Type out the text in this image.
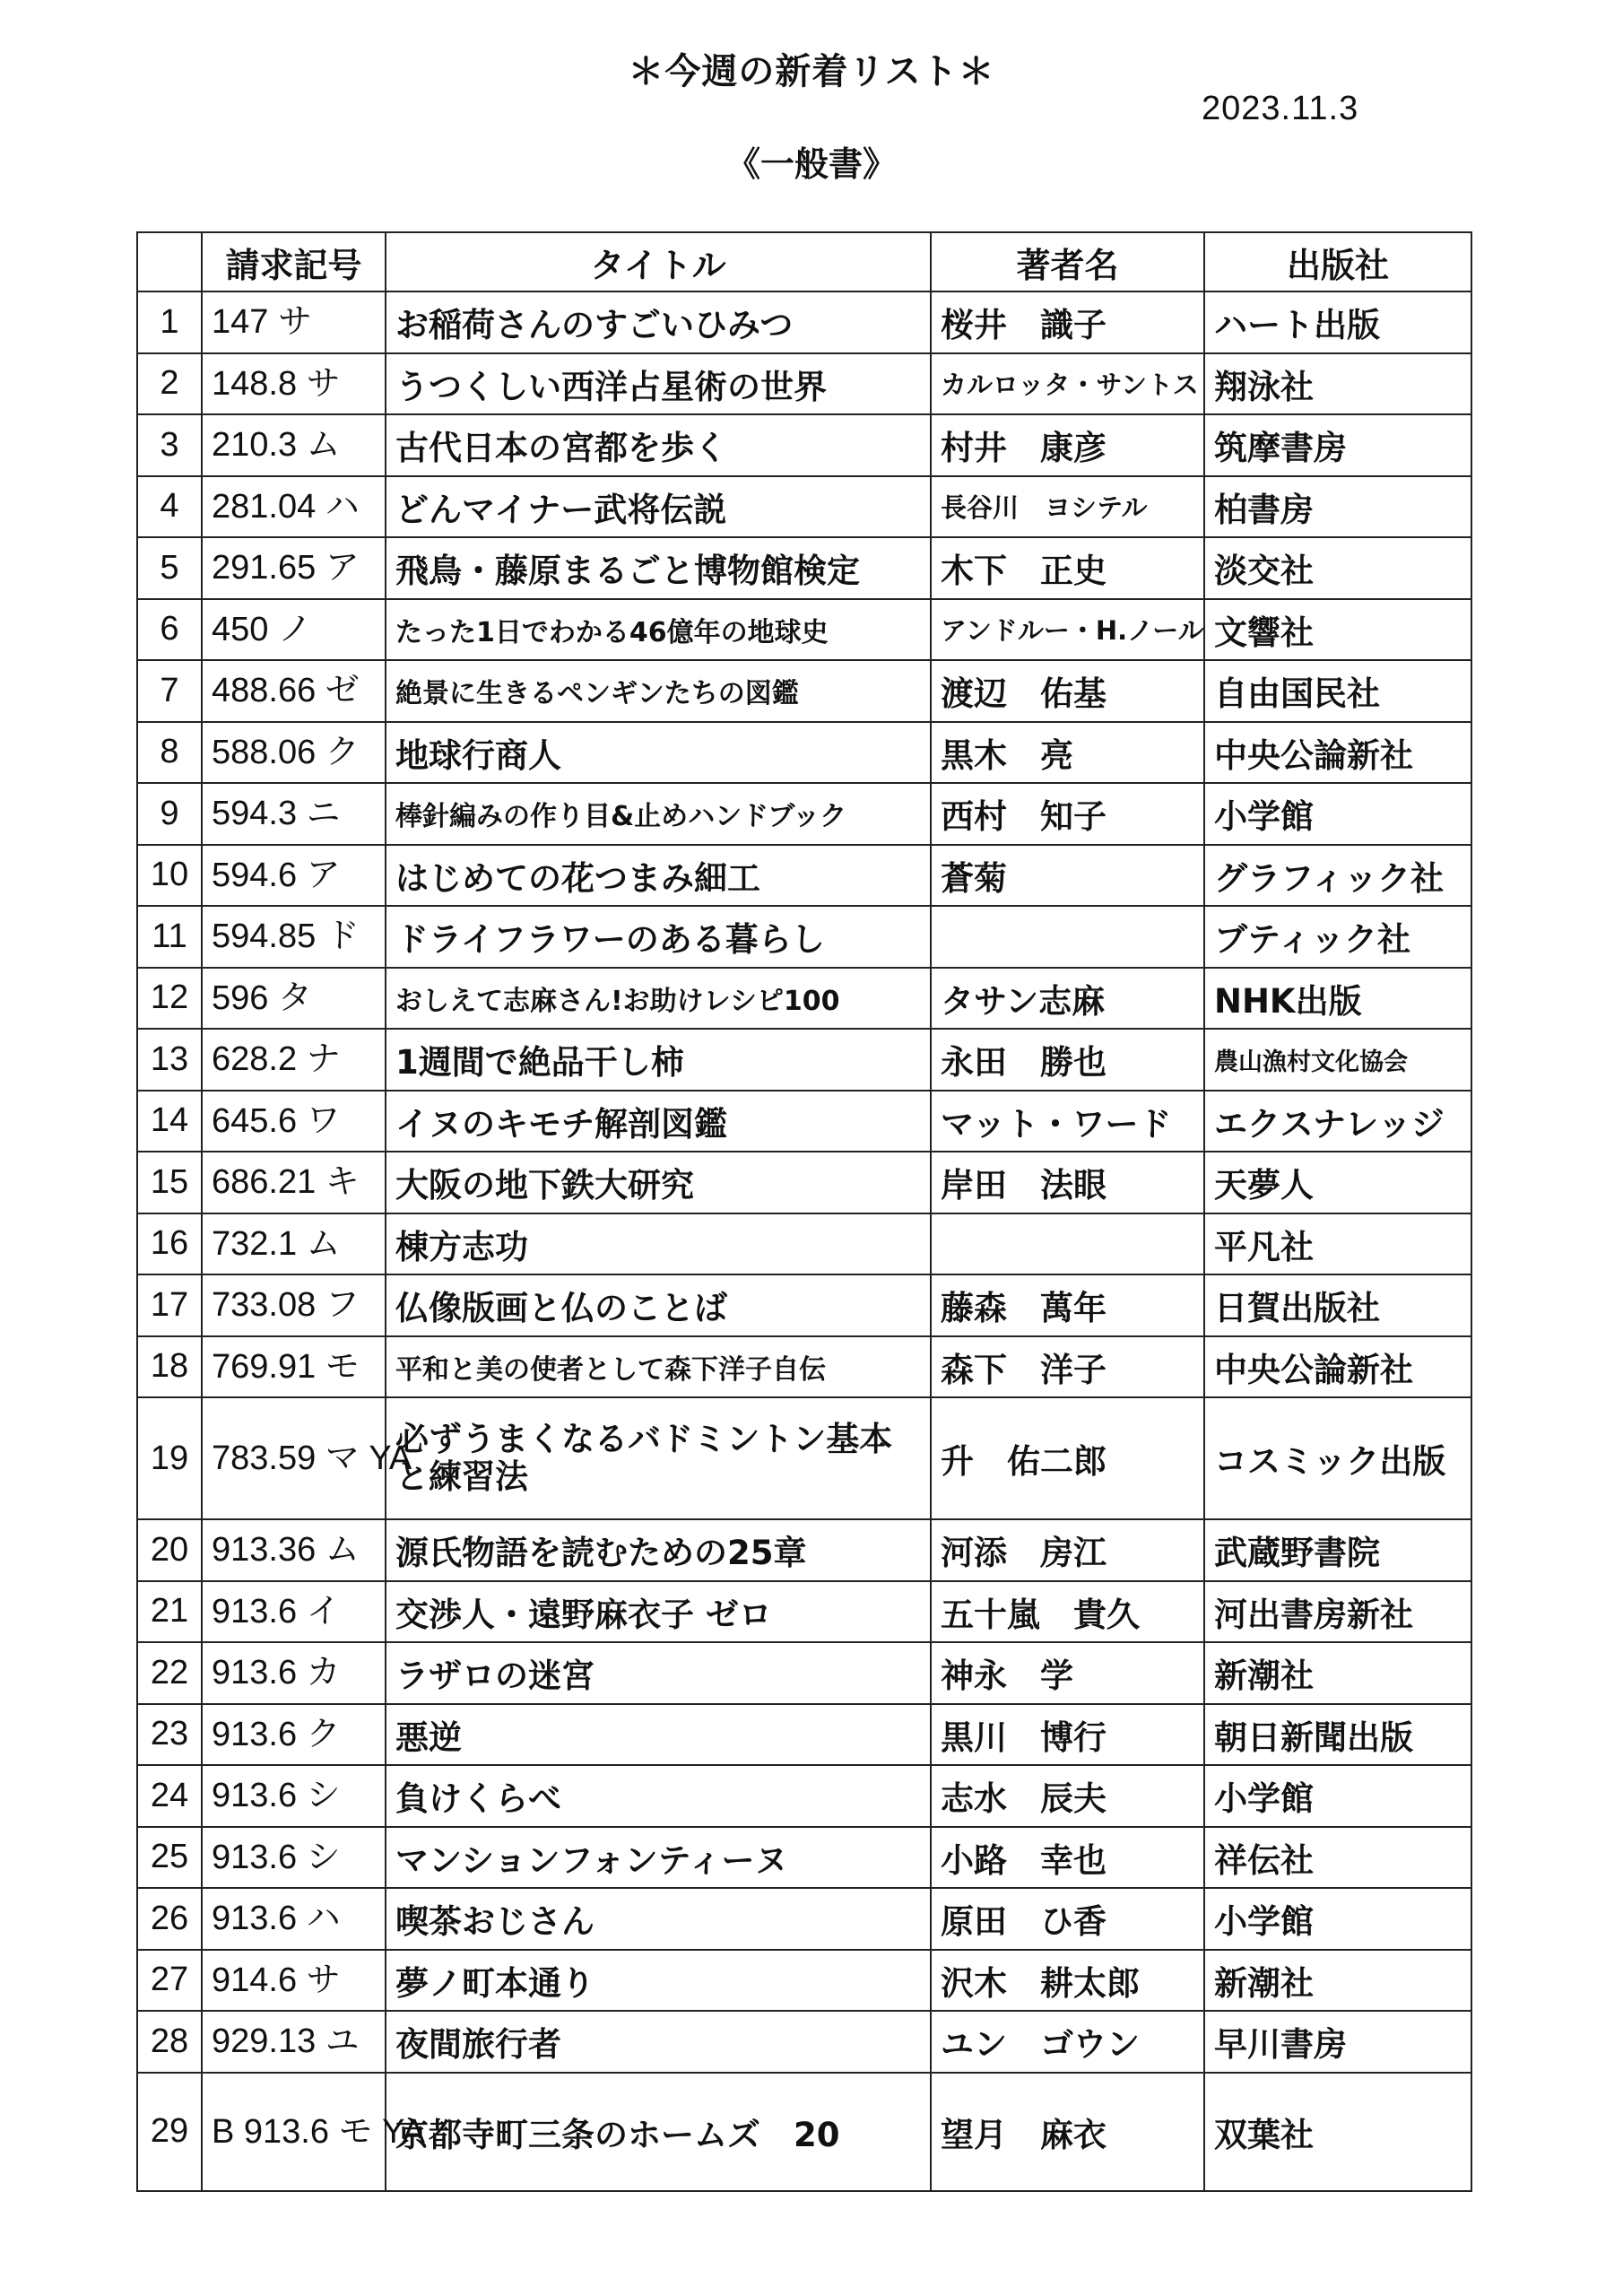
＊今週の新着リスト＊
2023.11.3
《一般書》
	請求記号	タイトル	著者名	出版社
1	147 サ	お稲荷さんのすごいひみつ	桜井　識子	ハート出版
2	148.8 サ	うつくしい西洋占星術の世界	カルロッタ・サントス	翔泳社
3	210.3 ム	古代日本の宮都を歩く	村井　康彦	筑摩書房
4	281.04 ハ	どんマイナー武将伝説	長谷川　ヨシテル	柏書房
5	291.65 ア	飛鳥・藤原まるごと博物館検定	木下　正史	淡交社
6	450 ノ	たった1日でわかる46億年の地球史	アンドルー・H.ノール	文響社
7	488.66 ゼ	絶景に生きるペンギンたちの図鑑	渡辺　佑基	自由国民社
8	588.06 ク	地球行商人	黒木　亮	中央公論新社
9	594.3 ニ	棒針編みの作り目&止めハンドブック	西村　知子	小学館
10	594.6 ア	はじめての花つまみ細工	蒼菊	グラフィック社
11	594.85 ド	ドライフラワーのある暮らし		ブティック社
12	596 タ	おしえて志麻さん!お助けレシピ100	タサン志麻	NHK出版
13	628.2 ナ	1週間で絶品干し柿	永田　勝也	農山漁村文化協会
14	645.6 ワ	イヌのキモチ解剖図鑑	マット・ワード	エクスナレッジ
15	686.21 キ	大阪の地下鉄大研究	岸田　法眼	天夢人
16	732.1 ム	棟方志功		平凡社
17	733.08 フ	仏像版画と仏のことば	藤森　萬年	日賀出版社
18	769.91 モ	平和と美の使者として森下洋子自伝	森下　洋子	中央公論新社
19	783.59 マ YA	必ずうまくなるバドミントン基本と練習法	升　佑二郎	コスミック出版
20	913.36 ム	源氏物語を読むための25章	河添　房江	武蔵野書院
21	913.6 イ	交渉人・遠野麻衣子 ゼロ	五十嵐　貴久	河出書房新社
22	913.6 カ	ラザロの迷宮	神永　学	新潮社
23	913.6 ク	悪逆	黒川　博行	朝日新聞出版
24	913.6 シ	負けくらべ	志水　辰夫	小学館
25	913.6 シ	マンションフォンティーヌ	小路　幸也	祥伝社
26	913.6 ハ	喫茶おじさん	原田　ひ香	小学館
27	914.6 サ	夢ノ町本通り	沢木　耕太郎	新潮社
28	929.13 ユ	夜間旅行者	ユン　ゴウン	早川書房
29	B 913.6 モ YA	京都寺町三条のホームズ　20	望月　麻衣	双葉社
